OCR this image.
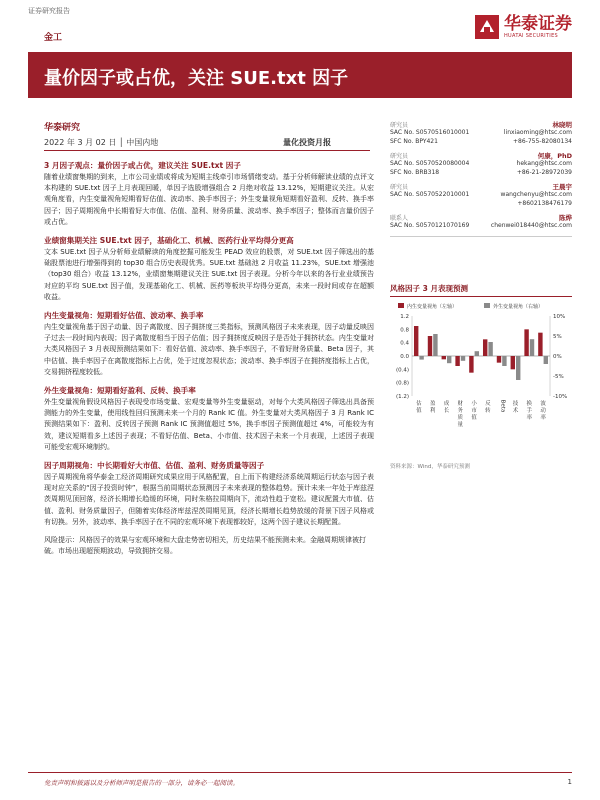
证券研究报告
金工
华泰证券
HUATAI SECURITIES
量价因子或占优，关注 SUE.txt 因子
华泰研究
2022 年 3 月 02 日 │ 中国内地	量化投资月报
3 月因子观点：量价因子或占优，建议关注 SUE.txt 因子
随着业绩窗集期的到来，上市公司业绩或将成为短期主线牵引市场情绪变动。基于分析师解读业绩的点评文本构建的 SUE.txt 因子上月表现回暖，单因子选股增强组合 2 月绝对收益 13.12%，短期建议关注。从宏观角度看，内生变量视角短期看好估值、波动率、换手率因子；外生变量视角短期看好盈利、反转、换手率因子；因子周期视角中长期看好大市值、估值、盈利、财务质量、波动率、换手率因子；整体而言量价因子或占优。
业绩窗集期关注 SUE.txt 因子，基础化工、机械、医药行业平均得分更高
文本 SUE.txt 因子从分析师业绩解读的角度挖掘可能发生 PEAD 效应的股票，对 SUE.txt 因子筛选出的基础股票池进行增强得到的 top30 组合历史表现优秀。SUE.txt 基础池 2 月收益 11.23%，SUE.txt 增强池（top30 组合）收益 13.12%，业绩窗集期建议关注 SUE.txt 因子表现。分析今年以来的各行业业绩预告对应的平均 SUE.txt 因子值，发现基础化工、机械、医药等板块平均得分更高，未来一段时间或存在超额收益。
内生变量视角：短期看好估值、波动率、换手率
内生变量视角基于因子动量、因子离散度、因子拥挤度三类指标，预测风格因子未来表现，因子动量反映因子过去一段时间内表现；因子离散度相当于因子估值；因子拥挤度反映因子是否处于拥挤状态。内生变量对大类风格因子 3 月表现预测结果如下：看好估值、波动率、换手率因子，不看好财务质量、Beta 因子，其中估值、换手率因子在离散度指标上占优，处于过度忽视状态；波动率、换手率因子在拥挤度指标上占优，交易拥挤程度较低。
外生变量视角：短期看好盈利、反转、换手率
外生变量视角假设风格因子表现受市场变量、宏观变量等外生变量驱动，对每个大类风格因子筛选出具备预测能力的外生变量，使用线性回归预测未来一个月的 Rank IC 值。外生变量对大类风格因子 3 月 Rank IC 预测结果如下：盈利、反转因子预测 Rank IC 预测值超过 5%，换手率因子预测值超过 4%，可能较为有效，建议短期看多上述因子表现；不看好估值、Beta、小市值、技术因子未来一个月表现，上述因子表现可能受宏观环境制约。
因子周期视角：中长期看好大市值、估值、盈利、财务质量等因子
因子周期视角将华泰金工经济周期研究成果应用于风格配置，自上而下构建经济系统周期运行状态与因子表现对应关系的“因子投资时钟”，根据当前周期状态预测因子未来表现的整体趋势。预计未来一年处于库兹涅茨周期见顶回落，经济长期增长趋缓的环境，同时朱格拉周期向下，流动性趋于宽松。建议配置大市值、估值、盈利、财务质量因子，但随着实体经济库兹涅茨周期见顶，经济长期增长趋势放缓的背景下因子风格或有切换。另外，波动率、换手率因子在不同的宏观环境下表现都较好，这两个因子建议长期配置。
风险提示：风格因子的效果与宏观环境和大盘走势密切相关，历史结果不能预测未来。金融周期规律被打破。市场出现超预期波动，导致拥挤交易。
研究员	林晓明
SAC No. S0570516010001	linxiaoming@htsc.com
SFC No. BPY421	+86-755-82080134
研究员	何康，PhD
SAC No. S0570520080004	hekang@htsc.com
SFC No. BRB318	+86-21-28972039
研究员	王晨宇
SAC No. S0570522010001	wangchenyu@htsc.com
+8602138476179
联系人	陈烨
SAC No. S0570121070169	chenwei018440@htsc.com
风格因子 3 月表现预测
内生变量视角（左轴）	外生变量视角（右轴）
1.2
0.8
0.4
0.0
(0.4)
(0.8)
(1.2)
10%
5%
0%
-5%
-10%
估值
盈利
成长
财务质量
小市值
反转 Beta 技术
换手率
波动率
资料来源：Wind，华泰研究预测
免责声明和披露以及分析师声明是报告的一部分，请务必一起阅读。	1
